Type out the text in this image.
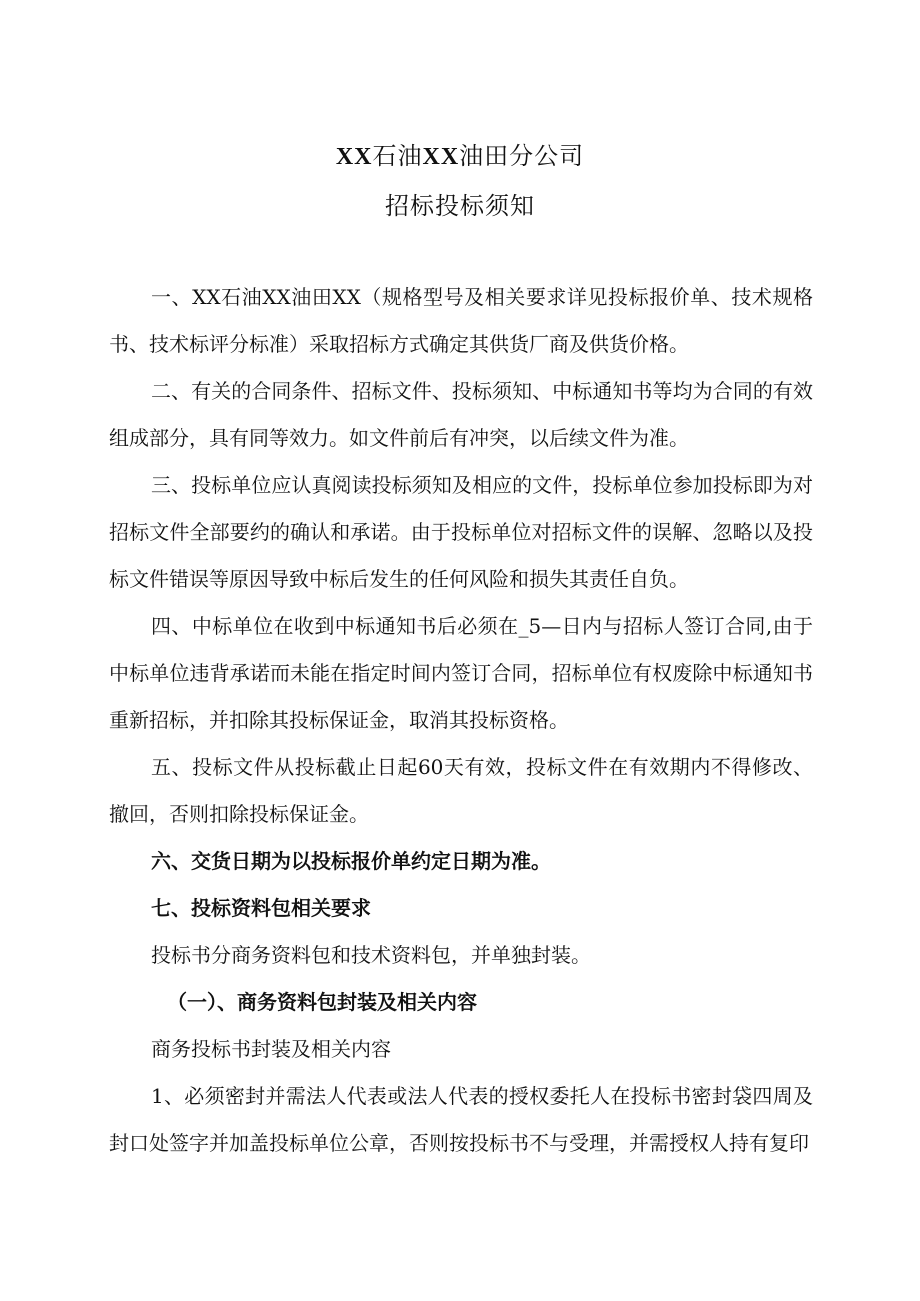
XX石油XX油田分公司
招标投标须知

一、XX石油XX油田XX（规格型号及相关要求详见投标报价单、技术规格书、技术标评分标准）采取招标方式确定其供货厂商及供货价格。

二、有关的合同条件、招标文件、投标须知、中标通知书等均为合同的有效组成部分，具有同等效力。如文件前后有冲突，以后续文件为准。

三、投标单位应认真阅读投标须知及相应的文件，投标单位参加投标即为对招标文件全部要约的确认和承诺。由于投标单位对招标文件的误解、忽略以及投标文件错误等原因导致中标后发生的任何风险和损失其责任自负。

四、中标单位在收到中标通知书后必须在_5—日内与招标人签订合同,由于中标单位违背承诺而未能在指定时间内签订合同，招标单位有权废除中标通知书重新招标，并扣除其投标保证金，取消其投标资格。

五、投标文件从投标截止日起60天有效，投标文件在有效期内不得修改、撤回，否则扣除投标保证金。

六、交货日期为以投标报价单约定日期为准。

七、投标资料包相关要求

投标书分商务资料包和技术资料包，并单独封装。

（一）、商务资料包封装及相关内容

商务投标书封装及相关内容

1、必须密封并需法人代表或法人代表的授权委托人在投标书密封袋四周及封口处签字并加盖投标单位公章，否则按投标书不与受理，并需授权人持有复印
